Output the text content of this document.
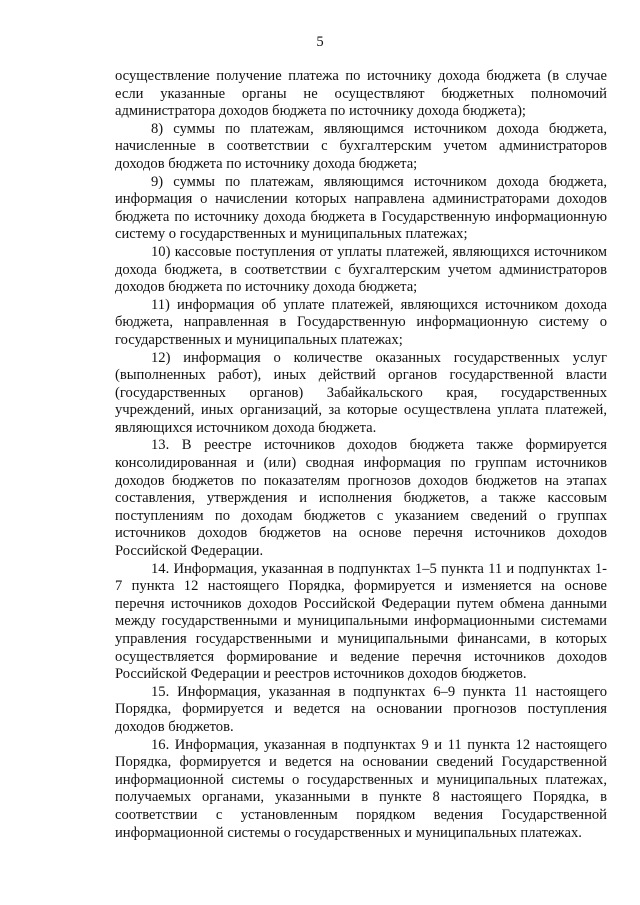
5

осуществление получение платежа по источнику дохода бюджета (в случае если указанные органы не осуществляют бюджетных полномочий администратора доходов бюджета по источнику дохода бюджета);

8) суммы по платежам, являющимся источником дохода бюджета, начисленные в соответствии с бухгалтерским учетом администраторов доходов бюджета по источнику дохода бюджета;

9) суммы по платежам, являющимся источником дохода бюджета, информация о начислении которых направлена администраторами доходов бюджета по источнику дохода бюджета в Государственную информационную систему о государственных и муниципальных платежах;

10) кассовые поступления от уплаты платежей, являющихся источником дохода бюджета, в соответствии с бухгалтерским учетом администраторов доходов бюджета по источнику дохода бюджета;

11) информация об уплате платежей, являющихся источником дохода бюджета, направленная в Государственную информационную систему о государственных и муниципальных платежах;

12) информация о количестве оказанных государственных услуг (выполненных работ), иных действий органов государственной власти (государственных органов) Забайкальского края, государственных учреждений, иных организаций, за которые осуществлена уплата платежей, являющихся источником дохода бюджета.

13. В реестре источников доходов бюджета также формируется консолидированная и (или) сводная информация по группам источников доходов бюджетов по показателям прогнозов доходов бюджетов на этапах составления, утверждения и исполнения бюджетов, а также кассовым поступлениям по доходам бюджетов с указанием сведений о группах источников доходов бюджетов на основе перечня источников доходов Российской Федерации.

14. Информация, указанная в подпунктах 1–5 пункта 11 и подпунктах 1-7 пункта 12 настоящего Порядка, формируется и изменяется на основе перечня источников доходов Российской Федерации путем обмена данными между государственными и муниципальными информационными системами управления государственными и муниципальными финансами, в которых осуществляется формирование и ведение перечня источников доходов Российской Федерации и реестров источников доходов бюджетов.

15. Информация, указанная в подпунктах 6–9 пункта 11 настоящего Порядка, формируется и ведется на основании прогнозов поступления доходов бюджетов.

16. Информация, указанная в подпунктах 9 и 11 пункта 12 настоящего Порядка, формируется и ведется на основании сведений Государственной информационной системы о государственных и муниципальных платежах, получаемых органами, указанными в пункте 8 настоящего Порядка, в соответствии с установленным порядком ведения Государственной информационной системы о государственных и муниципальных платежах.
